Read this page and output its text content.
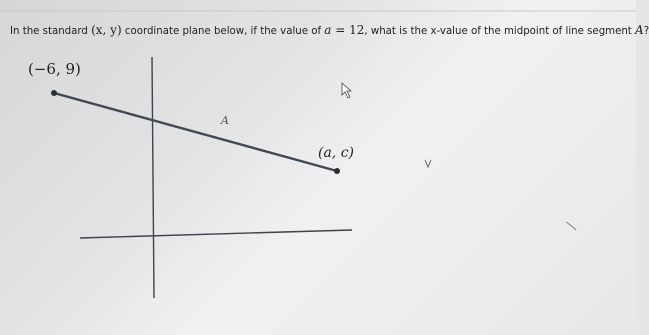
In the standard (x, y) coordinate plane below, if the value of a = 12, what is the x-value of the midpoint of line segment A?
(−6, 9)
A
(a, c)
